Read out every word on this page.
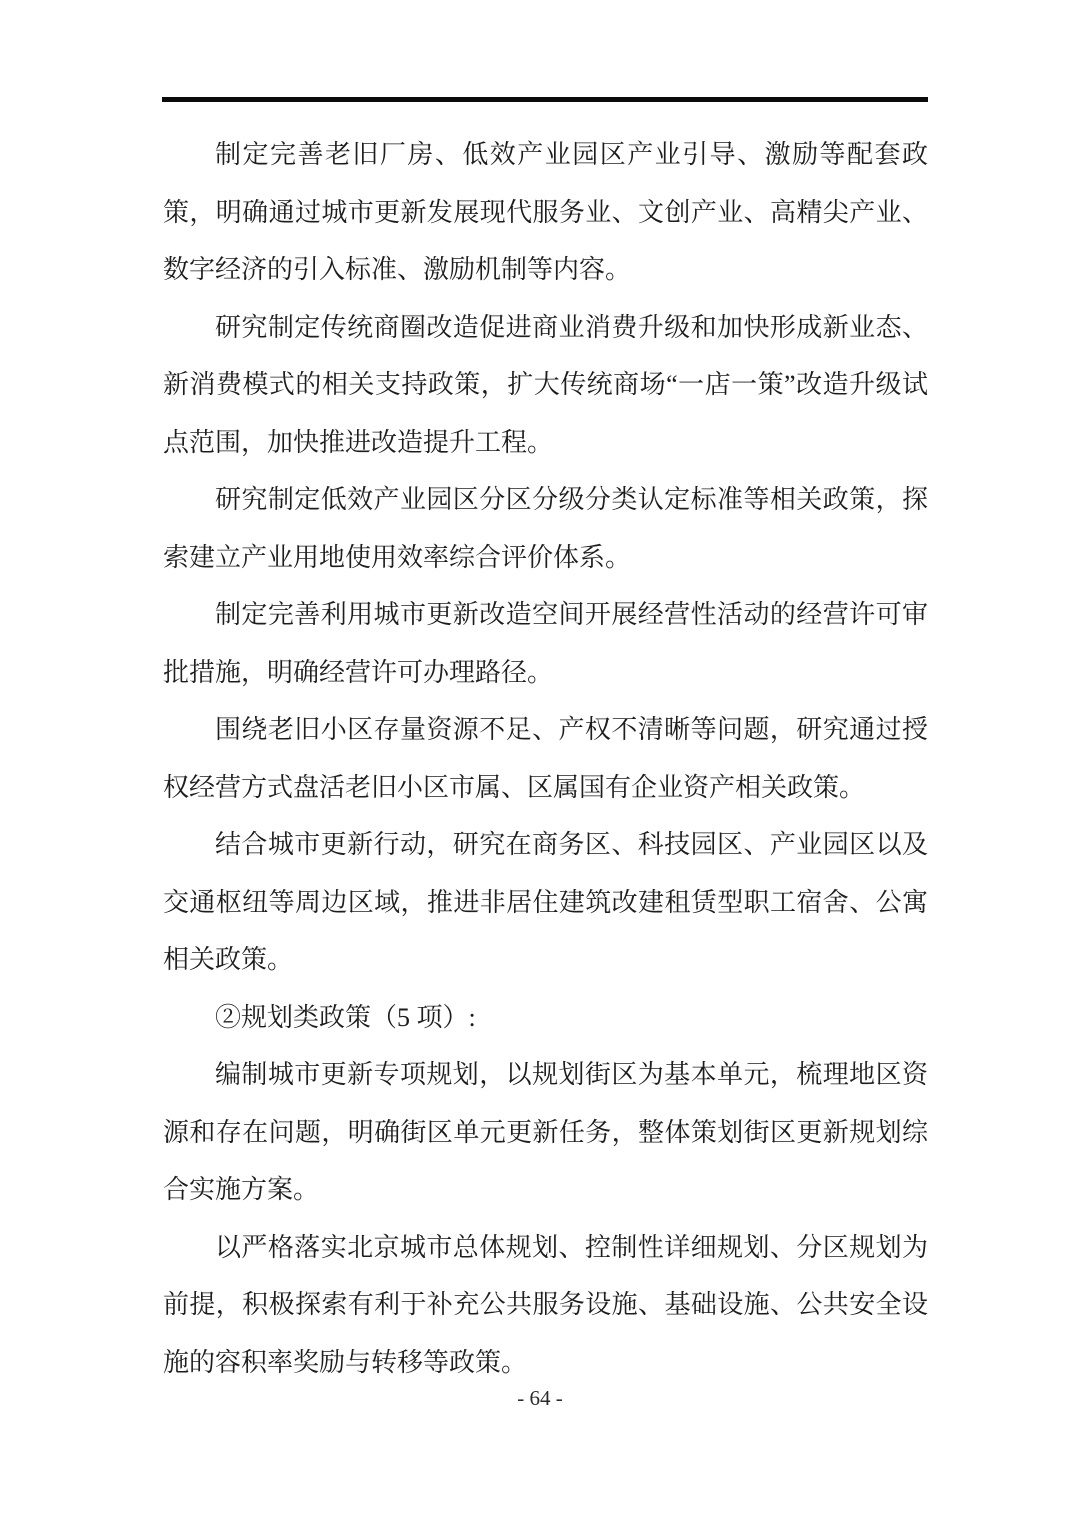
制定完善老旧厂房、低效产业园区产业引导、激励等配套政策，明确通过城市更新发展现代服务业、文创产业、高精尖产业、数字经济的引入标准、激励机制等内容。

研究制定传统商圈改造促进商业消费升级和加快形成新业态、新消费模式的相关支持政策，扩大传统商场“一店一策”改造升级试点范围，加快推进改造提升工程。

研究制定低效产业园区分区分级分类认定标准等相关政策，探索建立产业用地使用效率综合评价体系。

制定完善利用城市更新改造空间开展经营性活动的经营许可审批措施，明确经营许可办理路径。

围绕老旧小区存量资源不足、产权不清晰等问题，研究通过授权经营方式盘活老旧小区市属、区属国有企业资产相关政策。

结合城市更新行动，研究在商务区、科技园区、产业园区以及交通枢纽等周边区域，推进非居住建筑改建租赁型职工宿舍、公寓相关政策。

②规划类政策（5 项）:

编制城市更新专项规划，以规划街区为基本单元，梳理地区资源和存在问题，明确街区单元更新任务，整体策划街区更新规划综合实施方案。

以严格落实北京城市总体规划、控制性详细规划、分区规划为前提，积极探索有利于补充公共服务设施、基础设施、公共安全设施的容积率奖励与转移等政策。

- 64 -
